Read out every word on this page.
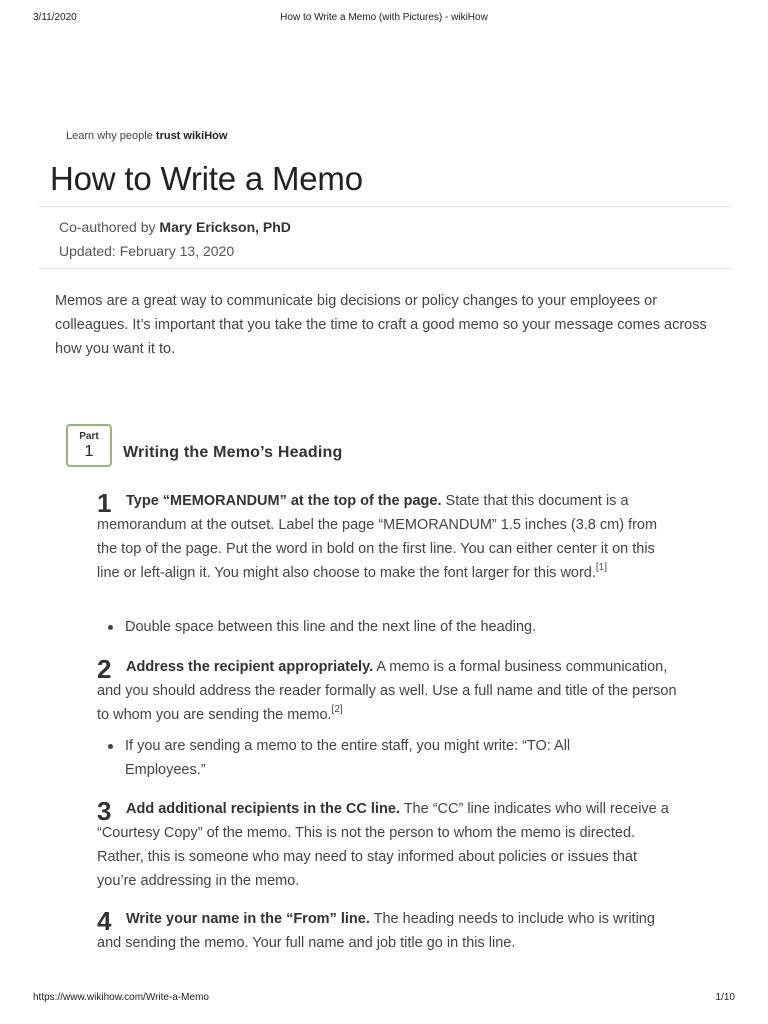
3/11/2020	How to Write a Memo (with Pictures) - wikiHow
Learn why people trust wikiHow
How to Write a Memo
Co-authored by Mary Erickson, PhD
Updated: February 13, 2020

Memos are a great way to communicate big decisions or policy changes to your employees or colleagues. It’s important that you take the time to craft a good memo so your message comes across how you want it to.

Part
1	Writing the Memo’s Heading
1	Type “MEMORANDUM” at the top of the page. State that this document is a memorandum at the outset. Label the page “MEMORANDUM” 1.5 inches (3.8 cm) from the top of the page. Put the word in bold on the first line. You can either center it on this line or left-align it. You might also choose to make the font larger for this word.[1]

Double space between this line and the next line of the heading.
2	Address the recipient appropriately. A memo is a formal business communication, and you should address the reader formally as well. Use a full name and title of the person to whom you are sending the memo.[2]

If you are sending a memo to the entire staff, you might write: “TO: All Employees.”
3	Add additional recipients in the CC line. The “CC” line indicates who will receive a “Courtesy Copy” of the memo. This is not the person to whom the memo is directed. Rather, this is someone who may need to stay informed about policies or issues that you’re addressing in the memo.

4	Write your name in the “From” line. The heading needs to include who is writing and sending the memo. Your full name and job title go in this line.

https://www.wikihow.com/Write-a-Memo	1/10
